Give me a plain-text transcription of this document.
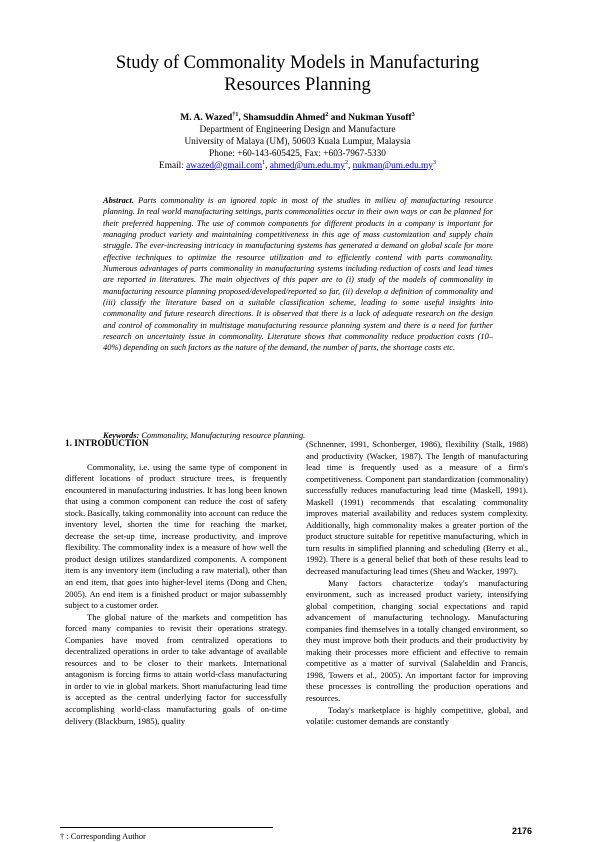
Study of Commonality Models in Manufacturing
Resources Planning
M. A. Wazed$^{\dagger 1}$, Shamsuddin Ahmed$^2$ and Nukman Yusoff$^3$
Department of Engineering Design and Manufacture
University of Malaya (UM), 50603 Kuala Lumpur, Malaysia
Phone: +60-143-605425, Fax: +603-7967-5330
Email: awazed@gmail.com$^1$, $ahmed@um.edu.my^2$, $nukman@um.edu.my^3$
Abstract. Parts commonality is an ignored topic in most of the studies in milieu of manufacturing resource planning. In real world manufacturing settings, parts commonalities occur in their own ways or can be planned for their preferred happening. The use of common components for different products in a company is important for managing product variety and maintaining competitiveness in this age of mass customization and supply chain struggle. The ever-increasing intricacy in manufacturing systems has generated a demand on global scale for more effective techniques to optimize the resource utilization and to efficiently contend with parts commonality. Numerous advantages of parts commonality in manufacturing systems including reduction of costs and lead times are reported in literatures. The main objectives of this paper are to (i) study of the models of commonality in manufacturing resource planning proposed/developed/reported so far, (ii) develop a definition of commonality and (iii) classify the literature based on a suitable classification scheme, leading to some useful insights into commonality and future research directions. It is observed that there is a lack of adequate research on the design and control of commonality in multistage manufacturing resource planning system and there is a need for further research on uncertainty issue in commonality. Literature shows that commonality reduce production costs (10–40%) depending on such factors as the nature of the demand, the number of parts, the shortage costs etc.
Keywords: Commonality, Manufacturing resource planning.
1. INTRODUCTION

Commonality, i.e. using the same type of component in different locations of product structure trees, is frequently encountered in manufacturing industries. It has long been known that using a common component can reduce the cost of safety stock. Basically, taking commonality into account can reduce the inventory level, shorten the time for reaching the market, decrease the set-up time, increase productivity, and improve flexibility. The commonality index is a measure of how well the product design utilizes standardized components. A component item is any inventory item (including a raw material), other than an end item, that goes into higher-level items (Dong and Chen, 2005). An end item is a finished product or major subassembly subject to a customer order.

The global nature of the markets and competition has forced many companies to revisit their operations strategy. Companies have moved from centralized operations to decentralized operations in order to take advantage of available resources and to be closer to their markets. International antagonism is forcing firms to attain world-class manufacturing in order to vie in global markets. Short manufacturing lead time is accepted as the central underlying factor for successfully accomplishing world-class manufacturing goals of on-time delivery (Blackburn, 1985), quality

(Schnenner, 1991, Schonberger, 1986), flexibility (Stalk, 1988) and productivity (Wacker, 1987). The length of manufacturing lead time is frequently used as a measure of a firm's competitiveness. Component part standardization (commonality) successfully reduces manufacturing lead time (Maskell, 1991). Maskell (1991) recommends that escalating commonality improves material availability and reduces system complexity. Additionally, high commonality makes a greater portion of the product structure suitable for repetitive manufacturing, which in turn results in simplified planning and scheduling (Berry et al., 1992). There is a general belief that both of these results lead to decreased manufacturing lead times (Sheu and Wacker, 1997).

Many factors characterize today's manufacturing environment, such as increased product variety, intensifying global competition, changing social expectations and rapid advancement of manufacturing technology. Manufacturing companies find themselves in a totally changed environment, so they must improve both their products and their productivity by making their processes more efficient and effective to remain competitive as a matter of survival (Salaheldin and Francis, 1998, Towers et al., 2005). An important factor for improving these processes is controlling the production operations and resources.

Today's marketplace is highly competitive, global, and volatile: customer demands are constantly

† : Corresponding Author
2176
